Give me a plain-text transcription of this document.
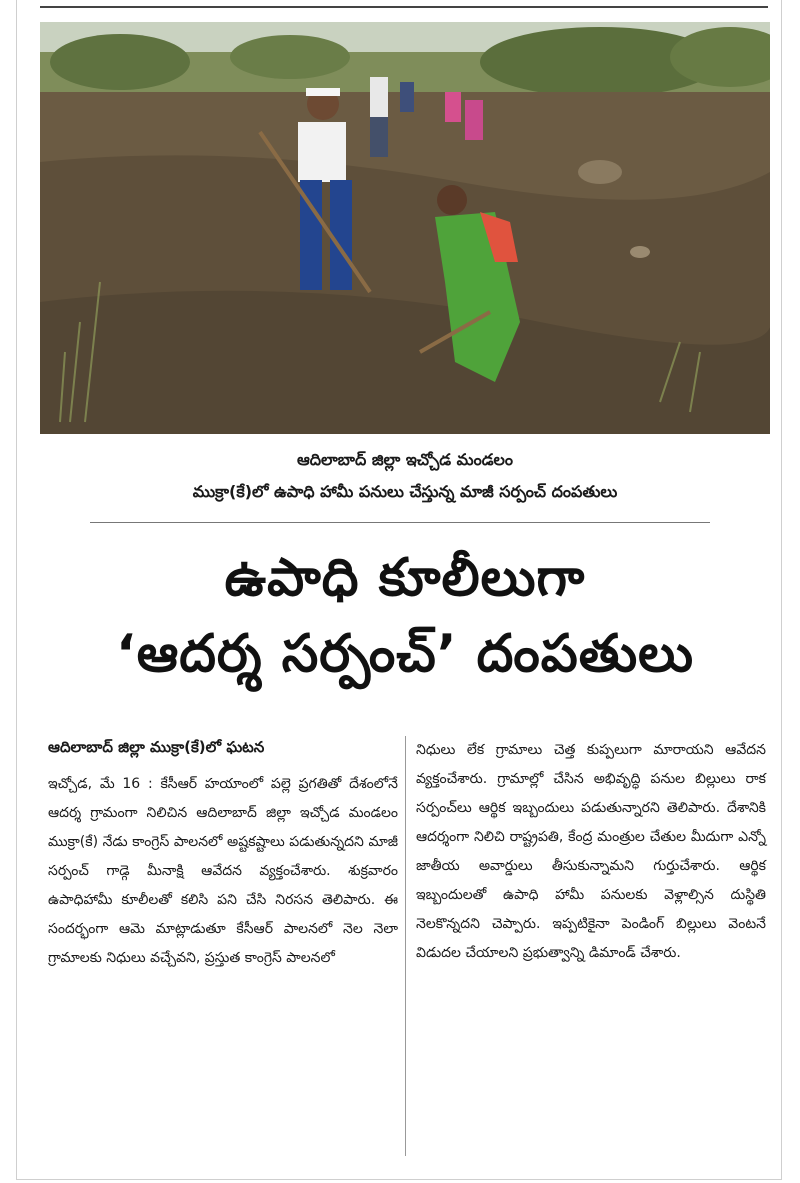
ఆదిలాబాద్ జిల్లా ఇచ్చోడ మండలం
ముక్రా(కే)లో ఉపాధి హామీ పనులు చేస్తున్న మాజీ సర్పంచ్ దంపతులు
ఉపాధి కూలీలుగా
‘ఆదర్శ సర్పంచ్’ దంపతులు
ఆదిలాబాద్ జిల్లా ముక్రా(కే)లో ఘటన
ఇచ్చోడ, మే 16 : కేసీఆర్ హయాంలో పల్లె ప్రగతితో దేశంలోనే ఆదర్శ గ్రామంగా నిలిచిన ఆదిలాబాద్ జిల్లా ఇచ్చోడ మండలం ముక్రా(కే) నేడు కాంగ్రెస్ పాలనలో అష్టకష్టాలు పడుతున్నదని మాజీ సర్పంచ్ గాడ్గె మీనాక్షి ఆవేదన వ్యక్తంచేశారు. శుక్రవారం ఉపాధిహామీ కూలీలతో కలిసి పని చేసి నిరసన తెలిపారు. ఈ సందర్భంగా ఆమె మాట్లాడుతూ కేసీఆర్ పాలనలో నెల నెలా గ్రామాలకు నిధులు వచ్చేవని, ప్రస్తుత కాంగ్రెస్ పాలనలో
నిధులు లేక గ్రామాలు చెత్త కుప్పలుగా మారాయని ఆవేదన వ్యక్తంచేశారు. గ్రామాల్లో చేసిన అభివృద్ధి పనుల బిల్లులు రాక సర్పంచ్‌లు ఆర్థిక ఇబ్బందులు పడుతున్నారని తెలిపారు. దేశానికి ఆదర్శంగా నిలిచి రాష్ట్రపతి, కేంద్ర మంత్రుల చేతుల మీదుగా ఎన్నో జాతీయ అవార్డులు తీసుకున్నామని గుర్తుచేశారు. ఆర్థిక ఇబ్బందులతో ఉపాధి హామీ పనులకు వెళ్లాల్సిన దుస్థితి నెలకొన్నదని చెప్పారు. ఇప్పటికైనా పెండింగ్ బిల్లులు వెంటనే విడుదల చేయాలని ప్రభుత్వాన్ని డిమాండ్ చేశారు.
